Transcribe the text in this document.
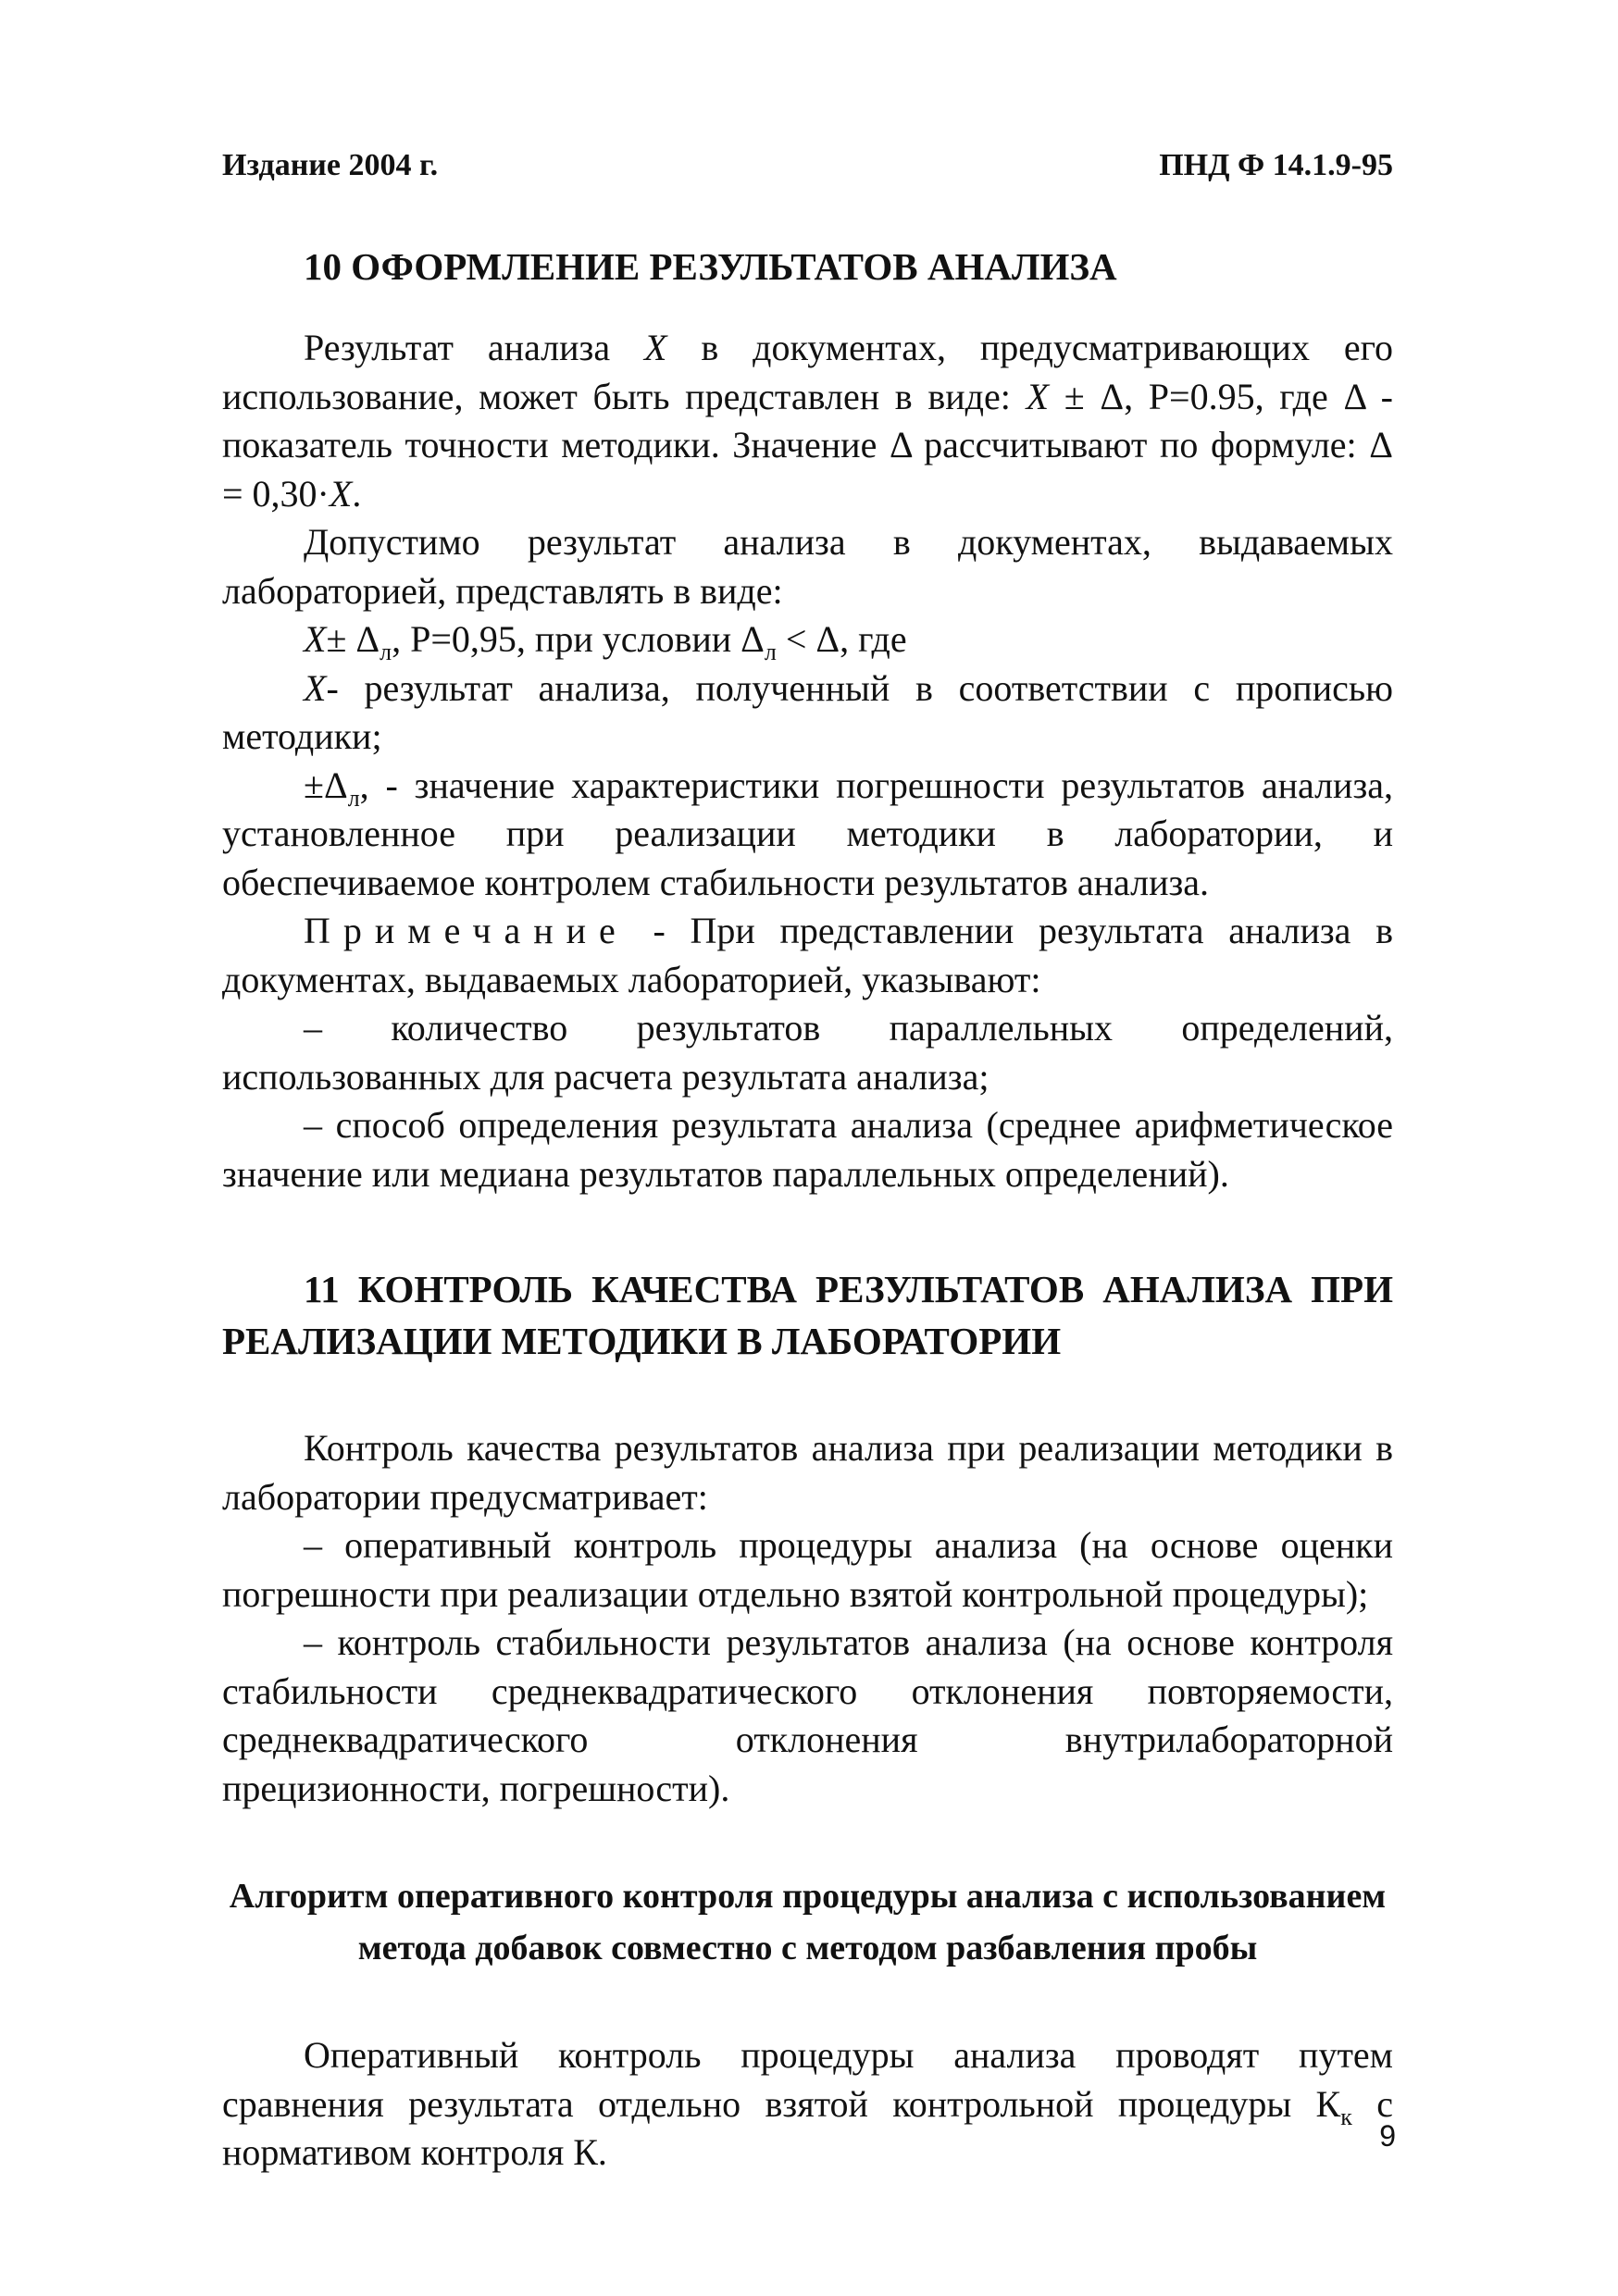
Издание 2004 г.	ПНД Ф 14.1.9-95
10 ОФОРМЛЕНИЕ РЕЗУЛЬТАТОВ АНАЛИЗА

Результат анализа X в документах, предусматривающих его использование, может быть представлен в виде: X ± Δ, Р=0.95, где Δ - показатель точности методики. Значение Δ рассчитывают по формуле: Δ = 0,30·X.

Допустимо результат анализа в документах, выдаваемых лабораторией, представлять в виде:

$X\pm \Delta_л$, Р=0,95, при условии $\Delta_л < \Delta$, где

X- результат анализа, полученный в соответствии с прописью методики;

$\pm\Delta_л$, - значение характеристики погрешности результатов анализа, установленное при реализации методики в лаборатории, и обеспечиваемое контролем стабильности результатов анализа.

Примечание - При представлении результата анализа в документах, выдаваемых лабораторией, указывают:

– количество результатов параллельных определений, использованных для расчета результата анализа;

– способ определения результата анализа (среднее арифметическое значение или медиана результатов параллельных определений).

11 КОНТРОЛЬ КАЧЕСТВА РЕЗУЛЬТАТОВ АНАЛИЗА ПРИ
РЕАЛИЗАЦИИ МЕТОДИКИ В ЛАБОРАТОРИИ

Контроль качества результатов анализа при реализации методики в лаборатории предусматривает:

– оперативный контроль процедуры анализа (на основе оценки погрешности при реализации отдельно взятой контрольной процедуры);

– контроль стабильности результатов анализа (на основе контроля стабильности среднеквадратического отклонения повторяемости, среднеквадратического отклонения внутрилабораторной прецизионности, погрешности).

Алгоритм оперативного контроля процедуры анализа с использованием метода добавок совместно с методом разбавления пробы

Оперативный контроль процедуры анализа проводят путем сравнения результата отдельно взятой контрольной процедуры $К_к$ с нормативом контроля К.	9
